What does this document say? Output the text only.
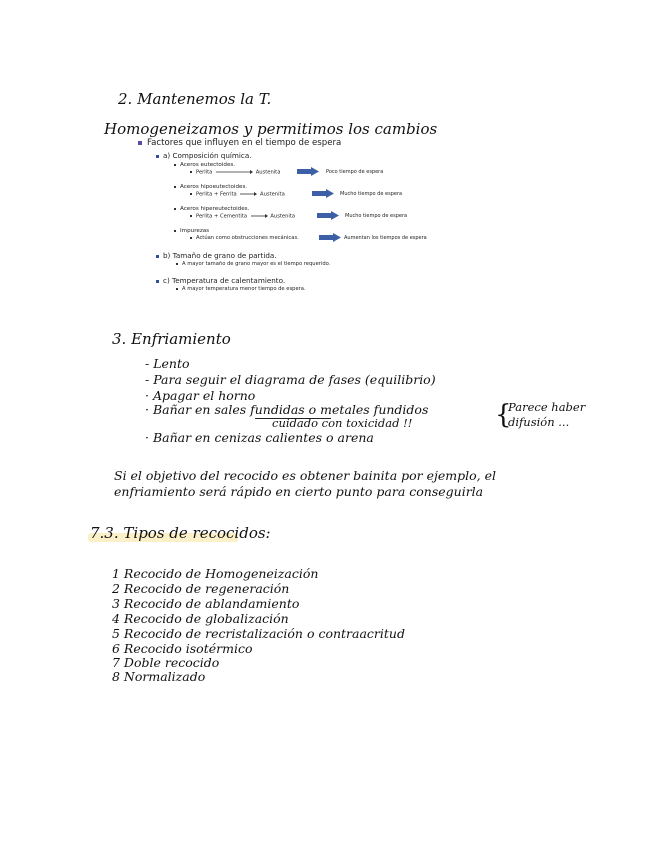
2. Mantenemos la T.
Homogeneizamos y permitimos los cambios
Factores que influyen en el tiempo de espera
a) Composición química.
Aceros eutectoides.
Perlita	Austenita	Poco tiempo de espera
Aceros hipoeutectoides.
Perlita + Ferrita	Austenita	Mucho tiempo de espera
Aceros hipereutectoides.
Perlita + Cementita	Austenita	Mucho tiempo de espera
Impurezas
Actúan como obstrucciones mecánicas.	Aumentan los tiempos de espera
b) Tamaño de grano de partida.
A mayor tamaño de grano mayor es el tiempo requerido.
c) Temperatura de calentamiento.
A mayor temperatura menor tiempo de espera.
3. Enfriamiento
- Lento
- Para seguir el diagrama de fases (equilibrio)
· Apagar el horno
· Bañar en sales fundidas o metales fundidos
cuidado con toxicidad !!
· Bañar en cenizas calientes o arena
{
Parece haber difusión ...
Si el objetivo del recocido es obtener bainita por ejemplo, el
enfriamiento será rápido en cierto punto para conseguirla
7.3. Tipos de recocidos:
1 Recocido de Homogeneización
2 Recocido de regeneración
3 Recocido de ablandamiento
4 Recocido de globalización
5 Recocido de recristalización o contraacritud
6 Recocido isotérmico
7 Doble recocido
8 Normalizado
